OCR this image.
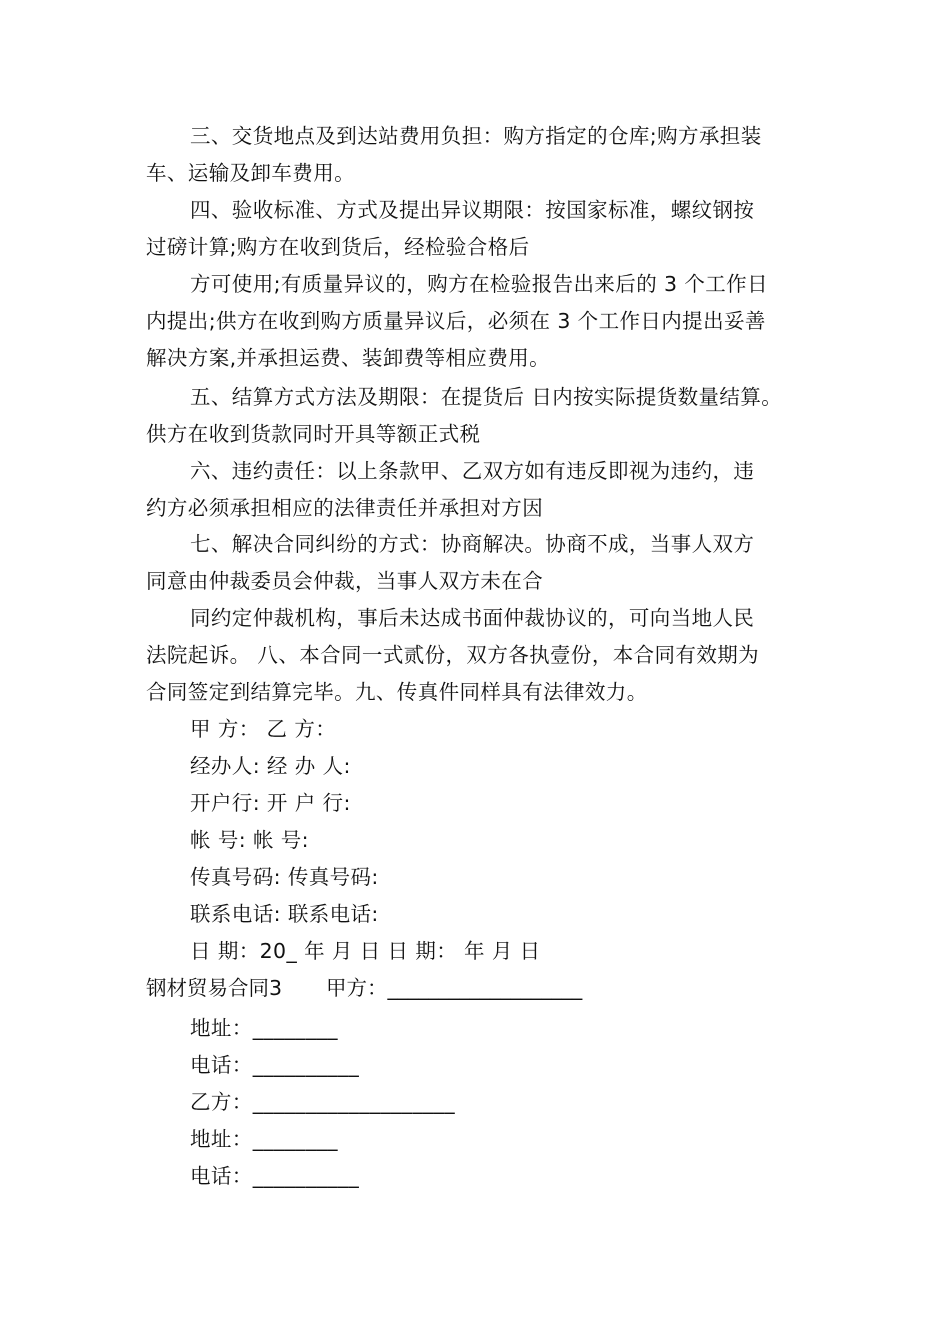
三、交货地点及到达站费用负担：购方指定的仓库;购方承担装
车、运输及卸车费用。
四、验收标准、方式及提出异议期限：按国家标准，螺纹钢按
过磅计算;购方在收到货后，经检验合格后
方可使用;有质量异议的，购方在检验报告出来后的 3 个工作日
内提出;供方在收到购方质量异议后，必须在 3 个工作日内提出妥善
解决方案,并承担运费、装卸费等相应费用。
五、结算方式方法及期限：在提货后 日内按实际提货数量结算。
供方在收到货款同时开具等额正式税
六、违约责任：以上条款甲、乙双方如有违反即视为违约，违
约方必须承担相应的法律责任并承担对方因
七、解决合同纠纷的方式：协商解决。协商不成，当事人双方
同意由仲裁委员会仲裁，当事人双方未在合
同约定仲裁机构，事后未达成书面仲裁协议的，可向当地人民
法院起诉。 八、本合同一式贰份，双方各执壹份，本合同有效期为
合同签定到结算完毕。九、传真件同样具有法律效力。
甲 方： 乙 方：
经办人: 经 办 人:
开户行: 开 户 行:
帐 号: 帐 号:
传真号码: 传真号码:
联系电话: 联系电话:
日 期：20_ 年 月 日 日 期： 年 月 日
钢材贸易合同3 甲方：___________________
地址：________
电话：__________
乙方：___________________
地址：________
电话：__________
